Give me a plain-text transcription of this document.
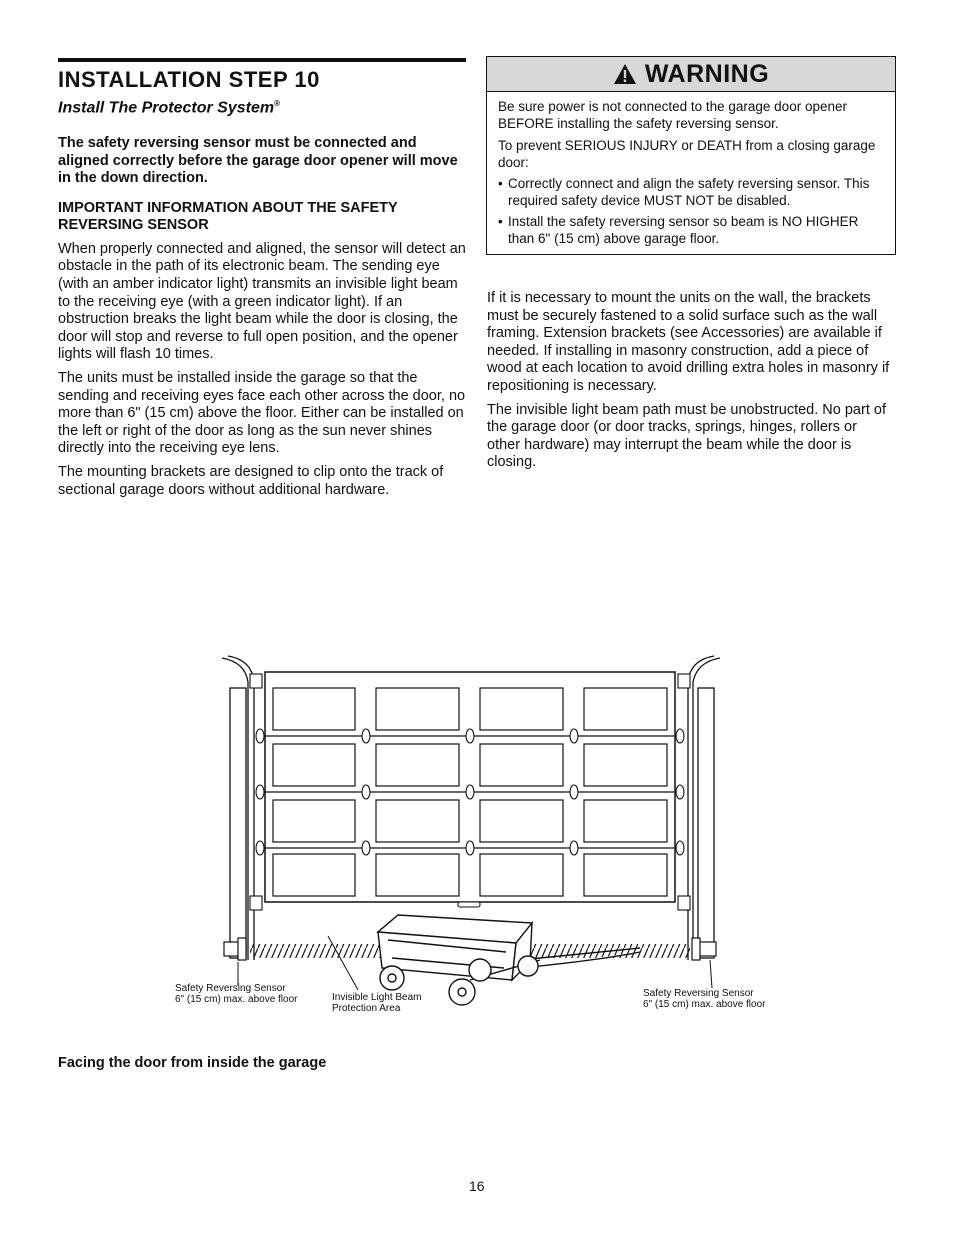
INSTALLATION STEP 10
Install The Protector System®
The safety reversing sensor must be connected and aligned correctly before the garage door opener will move in the down direction.
IMPORTANT INFORMATION ABOUT THE SAFETY REVERSING SENSOR
When properly connected and aligned, the sensor will detect an obstacle in the path of its electronic beam. The sending eye (with an amber indicator light) transmits an invisible light beam to the receiving eye (with a green indicator light). If an obstruction breaks the light beam while the door is closing, the door will stop and reverse to full open position, and the opener lights will flash 10 times.
The units must be installed inside the garage so that the sending and receiving eyes face each other across the door, no more than 6" (15 cm) above the floor. Either can be installed on the left or right of the door as long as the sun never shines directly into the receiving eye lens.
The mounting brackets are designed to clip onto the track of sectional garage doors without additional hardware.
WARNING

Be sure power is not connected to the garage door opener BEFORE installing the safety reversing sensor.

To prevent SERIOUS INJURY or DEATH from a closing garage door:

• Correctly connect and align the safety reversing sensor. This required safety device MUST NOT be disabled.
• Install the safety reversing sensor so beam is NO HIGHER than 6" (15 cm) above garage floor.
If it is necessary to mount the units on the wall, the brackets must be securely fastened to a solid surface such as the wall framing. Extension brackets (see Accessories) are available if needed. If installing in masonry construction, add a piece of wood at each location to avoid drilling extra holes in masonry if repositioning is necessary.
The invisible light beam path must be unobstructed. No part of the garage door (or door tracks, springs, hinges, rollers or other hardware) may interrupt the beam while the door is closing.
Safety Reversing Sensor
6" (15 cm) max. above floor	Invisible Light Beam
Protection Area
Safety Reversing Sensor
6" (15 cm) max. above floor
Facing the door from inside the garage
16
